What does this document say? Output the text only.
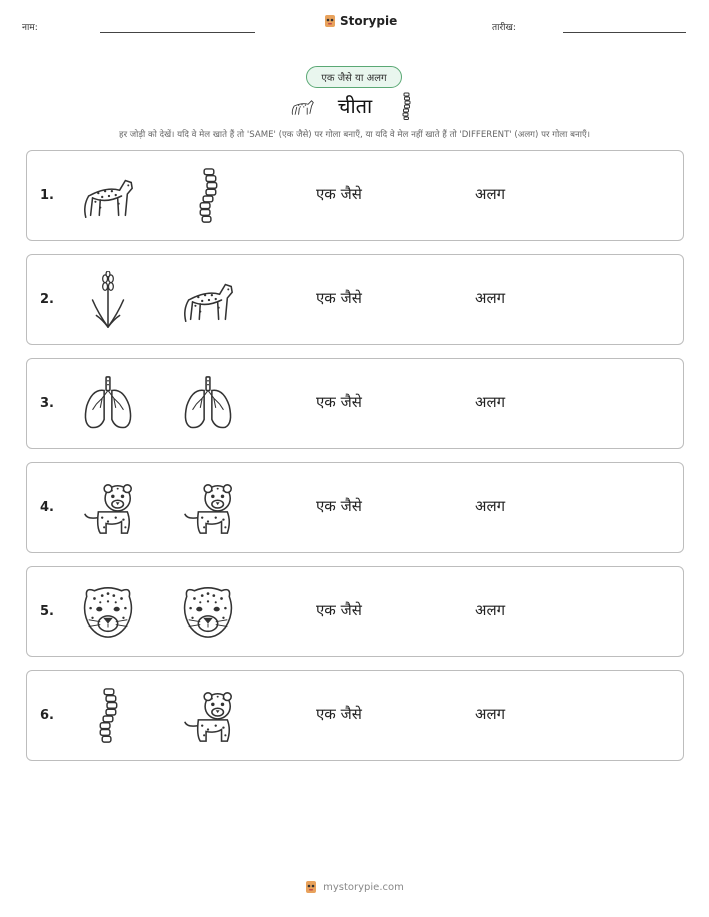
नाम:	Storypie	तारीख:
एक जैसे या अलग
चीता
हर जोड़ी को देखें। यदि वे मेल खाते हैं तो 'SAME' (एक जैसे) पर गोला बनाएँ, या यदि वे मेल नहीं खाते हैं तो 'DIFFERENT' (अलग) पर गोला बनाएँ।
1.	एक जैसे	अलग
2.	एक जैसे	अलग
3.	एक जैसे	अलग
4.	एक जैसे	अलग
5.	एक जैसे	अलग
6.	एक जैसे	अलग
mystorypie.com
